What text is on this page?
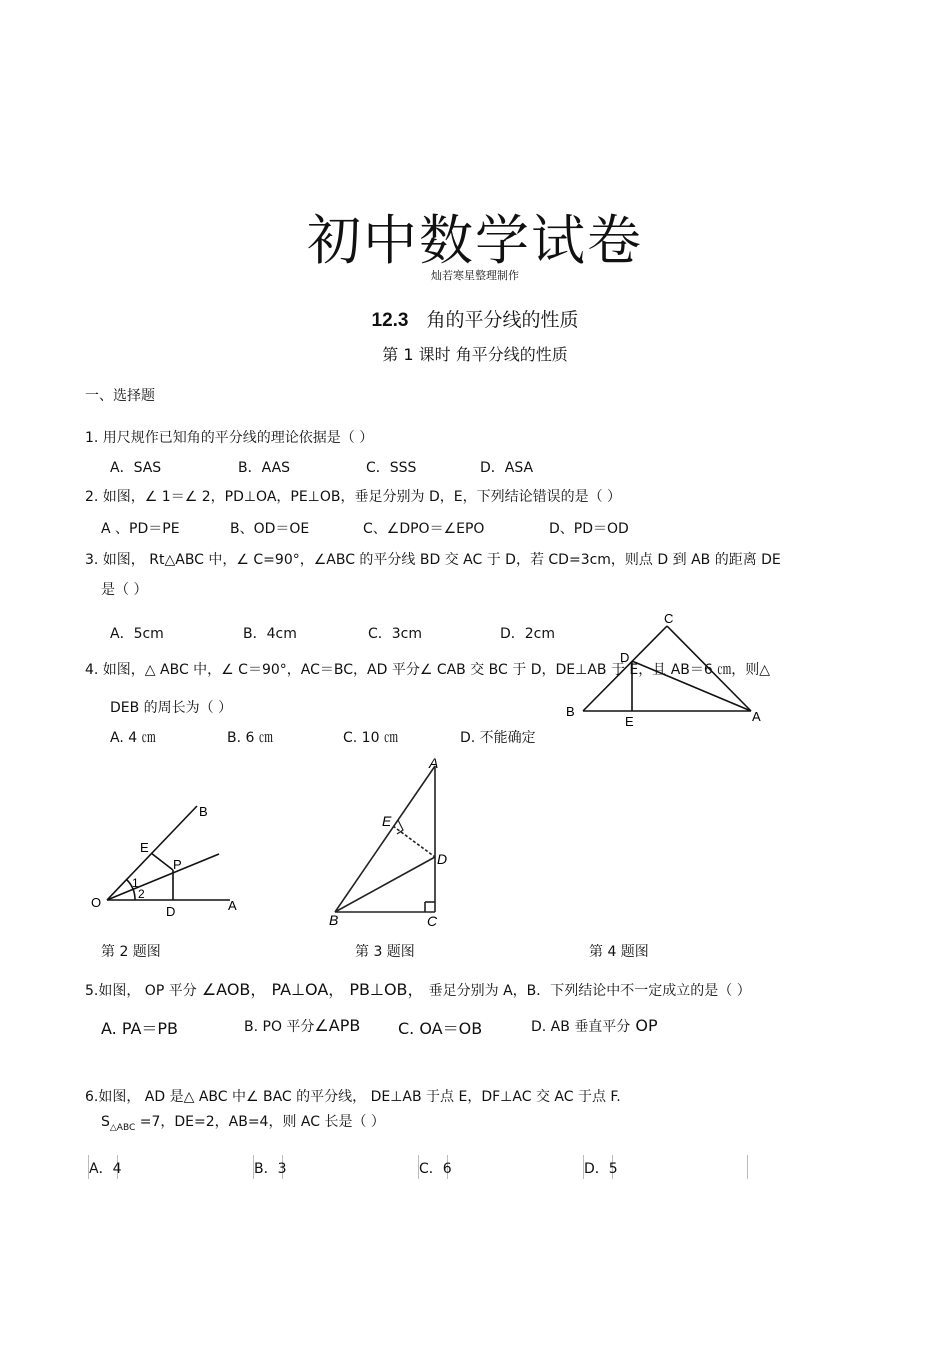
初中数学试卷
灿若寒星整理制作
12.3 角的平分线的性质
第 1 课时 角平分线的性质
一、选择题
1. 用尺规作已知角的平分线的理论依据是（ ）
A．SAS	B．AAS	C．SSS	D．ASA
2. 如图，∠ 1＝∠ 2，PD⊥OA，PE⊥OB，垂足分别为 D，E，下列结论错误的是（ ）
A 、PD＝PE	B、OD＝OE	C、∠DPO＝∠EPO	D、PD＝OD
3. 如图， Rt△ABC 中，∠ C=90°，∠ABC 的平分线 BD 交 AC 于 D，若 CD=3cm，则点 D 到 AB 的距离 DE
是（ ）
A．5cm	B．4cm	C．3cm	D．2cm
4. 如图，△ ABC 中，∠ C＝90°，AC＝BC，AD 平分∠ CAB 交 BC 于 D，DE⊥AB 于 E，且 AB＝6 ㎝，则△
DEB 的周长为（ ）
A. 4 ㎝	B. 6 ㎝	C. 10 ㎝	D. 不能确定
C
D
B
E	A
B
E
P
O
1
2
D	A
A
E
D
B	C
第 2 题图	第 3 题图	第 4 题图
5.如图， OP 平分 ∠AOB， PA⊥OA， PB⊥OB， 垂足分别为 A，B．下列结论中不一定成立的是（ ）
A. PA＝PB	B. PO 平分∠APB C. OA＝OB	D. AB 垂直平分 OP
6.如图， AD 是△ ABC 中∠ BAC 的平分线， DE⊥AB 于点 E，DF⊥AC 交 AC 于点 F.
$S_{\triangle ABC} =7$，DE=2，AB=4，则 AC 长是（ ）
A．4	B．3	C．6	D．5
